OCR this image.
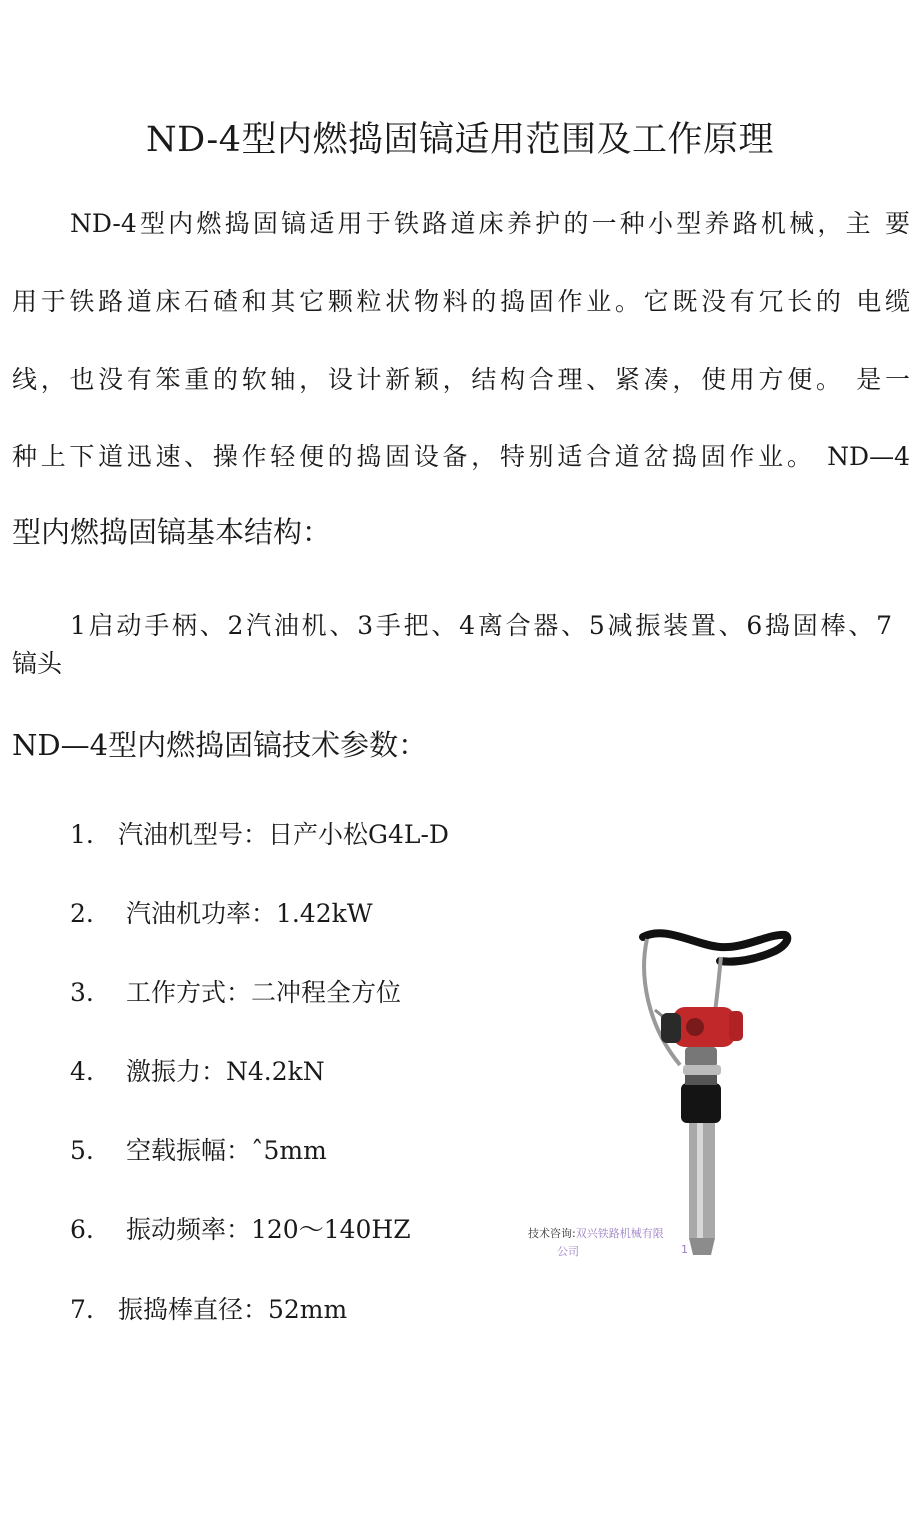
ND-4型内燃捣固镐适用范围及工作原理
ND-4型内燃捣固镐适用于铁路道床养护的一种小型养路机械，主 要
用于铁路道床石碴和其它颗粒状物料的捣固作业。它既没有冗长的 电缆
线，也没有笨重的软轴，设计新颖，结构合理、紧凑，使用方便。 是一
种上下道迅速、操作轻便的捣固设备，特别适合道岔捣固作业。 ND—4
型内燃捣固镐基本结构：
1启动手柄、2汽油机、3手把、4离合器、5减振装置、6捣固棒、7
镐头
ND—4型内燃捣固镐技术参数：
1. 汽油机型号：日产小松G4L-D
2. 汽油机功率：1.42kW
3. 工作方式：二冲程全方位
4. 激振力：N4.2kN
5. 空载振幅：ˆ5mm
6. 振动频率：120～140HZ
7. 振捣棒直径：52mm
技术咨询:双兴铁路机械有限
公司	1
